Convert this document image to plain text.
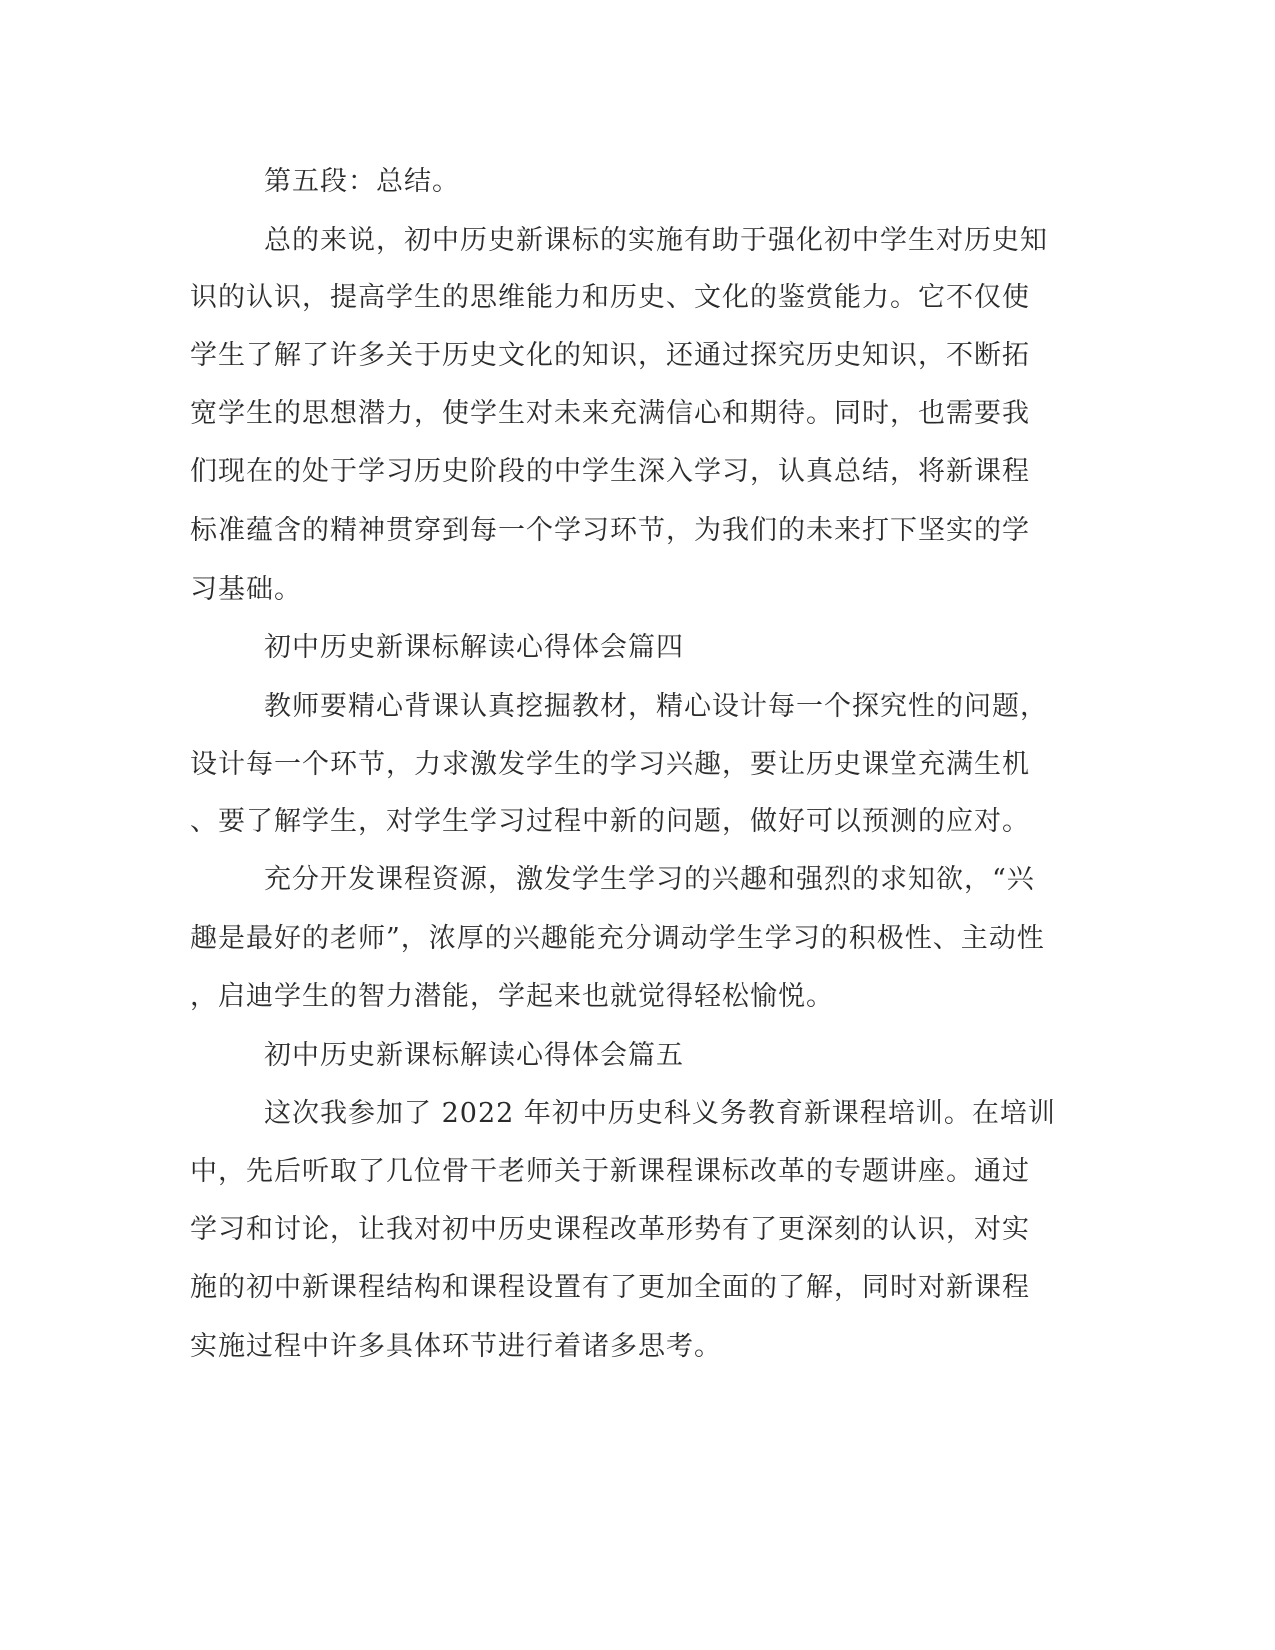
第五段：总结。
总的来说，初中历史新课标的实施有助于强化初中学生对历史知
识的认识，提高学生的思维能力和历史、文化的鉴赏能力。它不仅使
学生了解了许多关于历史文化的知识，还通过探究历史知识，不断拓
宽学生的思想潜力，使学生对未来充满信心和期待。同时，也需要我
们现在的处于学习历史阶段的中学生深入学习，认真总结，将新课程
标准蕴含的精神贯穿到每一个学习环节，为我们的未来打下坚实的学
习基础。
初中历史新课标解读心得体会篇四
教师要精心背课认真挖掘教材，精心设计每一个探究性的问题，
设计每一个环节，力求激发学生的学习兴趣，要让历史课堂充满生机
、要了解学生，对学生学习过程中新的问题，做好可以预测的应对。
充分开发课程资源，激发学生学习的兴趣和强烈的求知欲，“兴
趣是最好的老师”，浓厚的兴趣能充分调动学生学习的积极性、主动性
，启迪学生的智力潜能，学起来也就觉得轻松愉悦。
初中历史新课标解读心得体会篇五
这次我参加了 2022 年初中历史科义务教育新课程培训。在培训
中，先后听取了几位骨干老师关于新课程课标改革的专题讲座。通过
学习和讨论，让我对初中历史课程改革形势有了更深刻的认识，对实
施的初中新课程结构和课程设置有了更加全面的了解，同时对新课程
实施过程中许多具体环节进行着诸多思考。
